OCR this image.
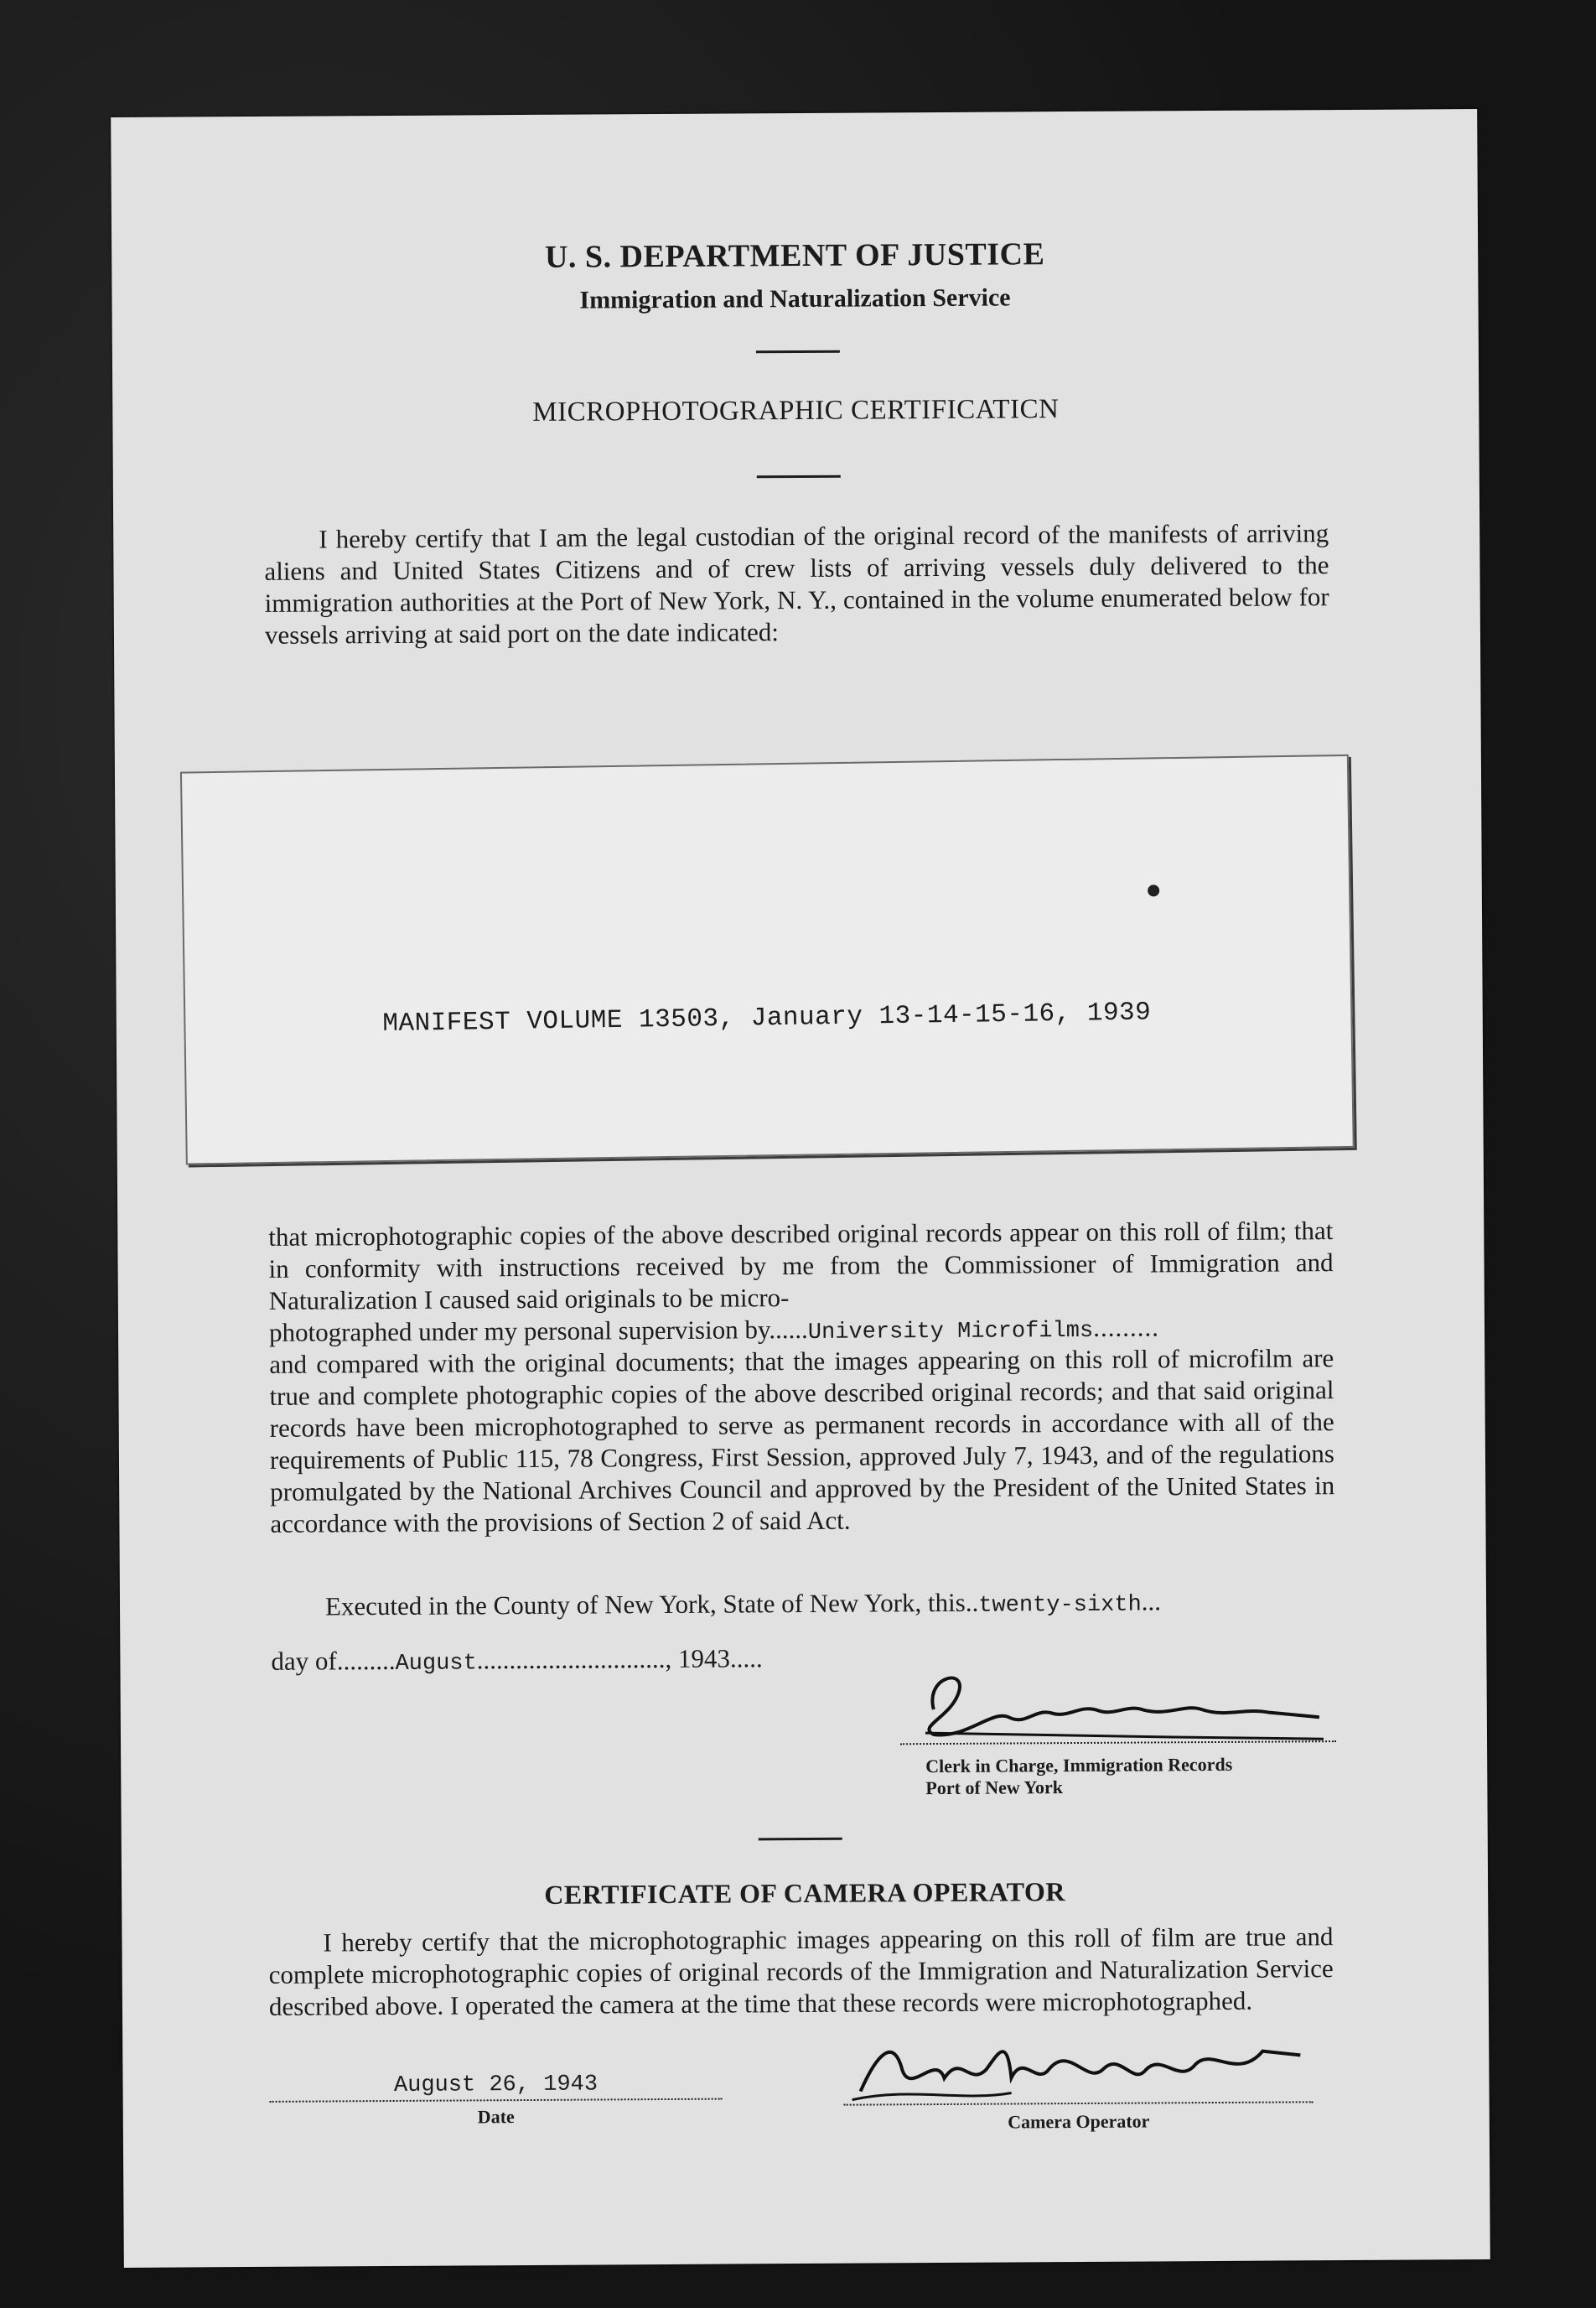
U. S. DEPARTMENT OF JUSTICE
Immigration and Naturalization Service
MICROPHOTOGRAPHIC CERTIFICATICN
I hereby certify that I am the legal custodian of the original record of the manifests of arriving aliens and United States Citizens and of crew lists of arriving vessels duly delivered to the immigration authorities at the Port of New York, N. Y., contained in the volume enumerated below for vessels arriving at said port on the date indicated:
MANIFEST VOLUME 13503, January 13-14-15-16, 1939
that microphotographic copies of the above described original records appear on this roll of film; that in conformity with instructions received by me from the Commissioner of Immigration and Naturalization I caused said originals to be micro-
photographed under my personal supervision by......University Microfilms.........
and compared with the original documents; that the images appearing on this roll of microfilm are true and complete photographic copies of the above described original records; and that said original records have been microphotographed to serve as permanent records in accordance with all of the requirements of Public 115, 78 Congress, First Session, approved July 7, 1943, and of the regulations promulgated by the National Archives Council and approved by the President of the United States in accordance with the provisions of Section 2 of said Act.
Executed in the County of New York, State of New York, this..twenty-sixth...
day of.........August............................., 1943.....
Clerk in Charge, Immigration Records
Port of New York
CERTIFICATE OF CAMERA OPERATOR
I hereby certify that the microphotographic images appearing on this roll of film are true and complete microphotographic copies of original records of the Immigration and Naturalization Service described above. I operated the camera at the time that these records were microphotographed.
August 26, 1943
Date	Camera Operator
